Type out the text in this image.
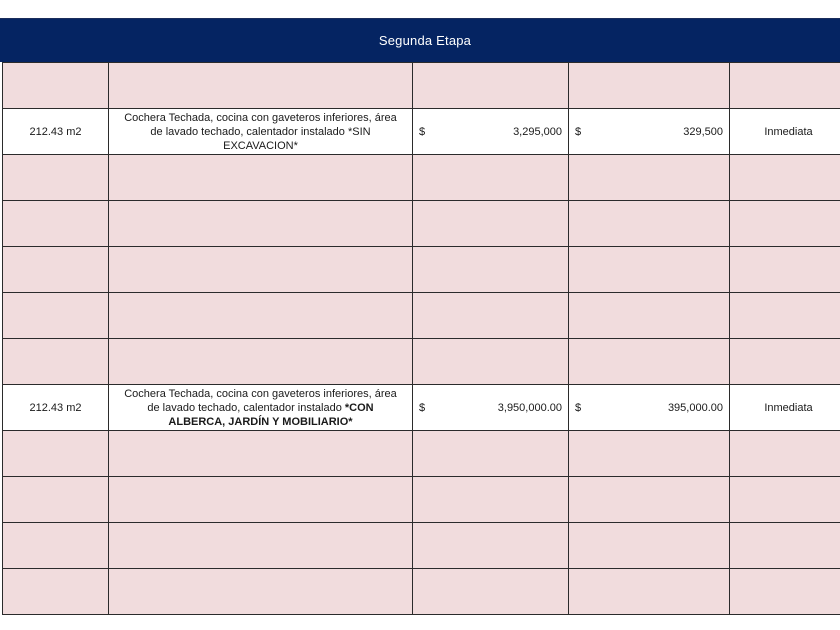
Segunda Etapa

212.43 m2	Cochera Techada, cocina con gaveteros inferiores, área
de lavado techado, calentador instalado *SIN
EXCAVACION*	$ 3,295,000	$ 329,500	Inmediata

212.43 m2	Cochera Techada, cocina con gaveteros inferiores, área
de lavado techado, calentador instalado *CON
ALBERCA, JARDÍN Y MOBILIARIO*	$ 3,950,000.00	$ 395,000.00	Inmediata
